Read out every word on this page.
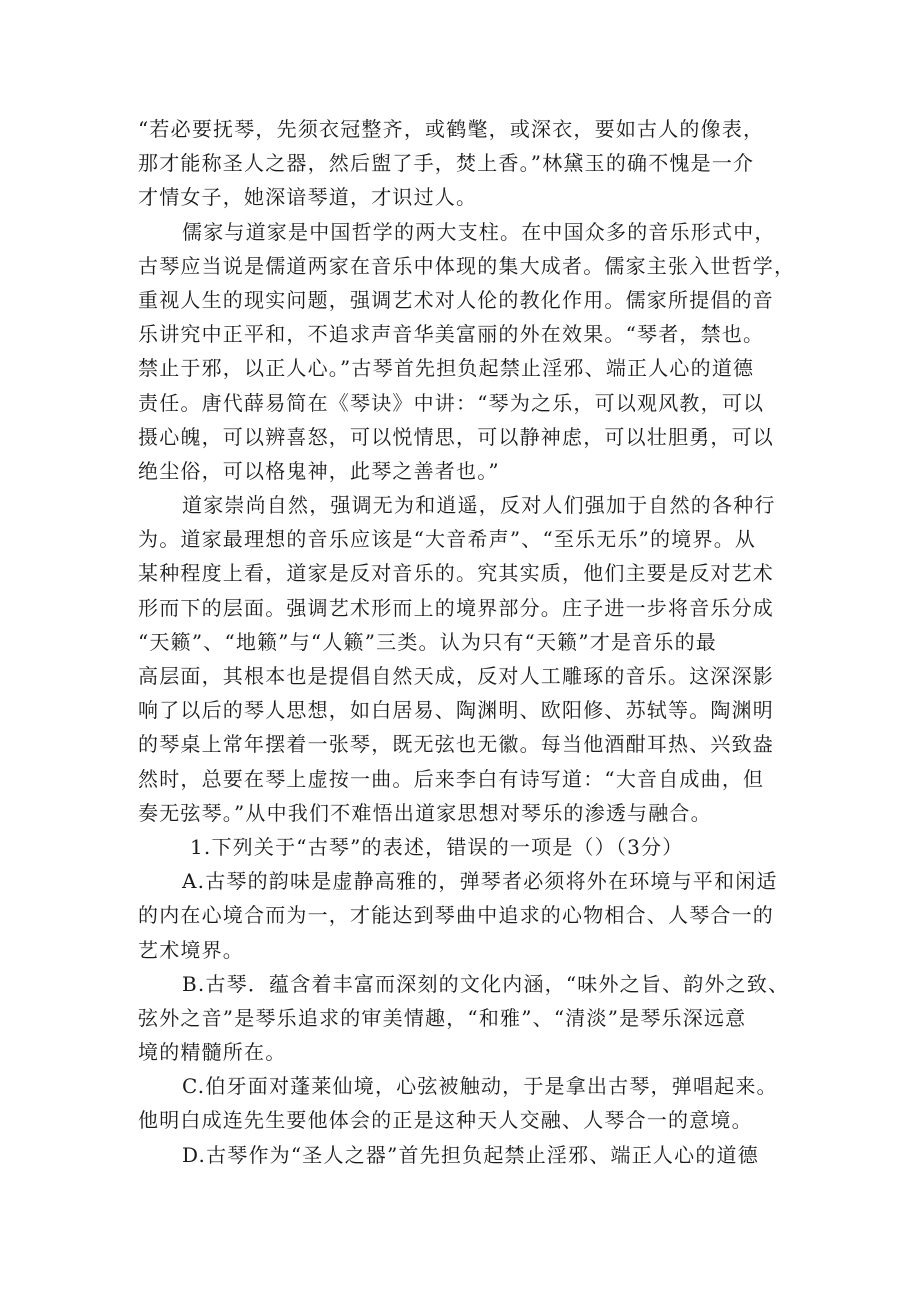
“若必要抚琴，先须衣冠整齐，或鹤氅，或深衣，要如古人的像表，
那才能称圣人之器，然后盥了手，焚上香。”林黛玉的确不愧是一介
才情女子，她深谙琴道，才识过人。
儒家与道家是中国哲学的两大支柱。在中国众多的音乐形式中，
古琴应当说是儒道两家在音乐中体现的集大成者。儒家主张入世哲学，
重视人生的现实问题，强调艺术对人伦的教化作用。儒家所提倡的音
乐讲究中正平和，不追求声音华美富丽的外在效果。“琴者，禁也。
禁止于邪，以正人心。”古琴首先担负起禁止淫邪、端正人心的道德
责任。唐代薛易简在《琴诀》中讲：“琴为之乐，可以观风教，可以
摄心魄，可以辨喜怒，可以悦情思，可以静神虑，可以壮胆勇，可以
绝尘俗，可以格鬼神，此琴之善者也。”
道家崇尚自然，强调无为和逍遥，反对人们强加于自然的各种行
为。道家最理想的音乐应该是“大音希声”、“至乐无乐”的境界。从
某种程度上看，道家是反对音乐的。究其实质，他们主要是反对艺术
形而下的层面。强调艺术形而上的境界部分。庄子进一步将音乐分成
“天籁”、“地籁”与“人籁”三类。认为只有“天籁”才是音乐的最
高层面，其根本也是提倡自然天成，反对人工雕琢的音乐。这深深影
响了以后的琴人思想，如白居易、陶渊明、欧阳修、苏轼等。陶渊明
的琴桌上常年摆着一张琴，既无弦也无徽。每当他酒酣耳热、兴致盎
然时，总要在琴上虚按一曲。后来李白有诗写道：“大音自成曲，但
奏无弦琴。”从中我们不难悟出道家思想对琴乐的渗透与融合。
1.下列关于“古琴”的表述，错误的一项是（）（3分）
A.古琴的韵味是虚静高雅的，弹琴者必须将外在环境与平和闲适
的内在心境合而为一，才能达到琴曲中追求的心物相合、人琴合一的
艺术境界。
B.古琴．蕴含着丰富而深刻的文化内涵，“味外之旨、韵外之致、
弦外之音”是琴乐追求的审美情趣，“和雅”、“清淡”是琴乐深远意
境的精髓所在。
C.伯牙面对蓬莱仙境，心弦被触动，于是拿出古琴，弹唱起来。
他明白成连先生要他体会的正是这种天人交融、人琴合一的意境。
D.古琴作为“圣人之器”首先担负起禁止淫邪、端正人心的道德
